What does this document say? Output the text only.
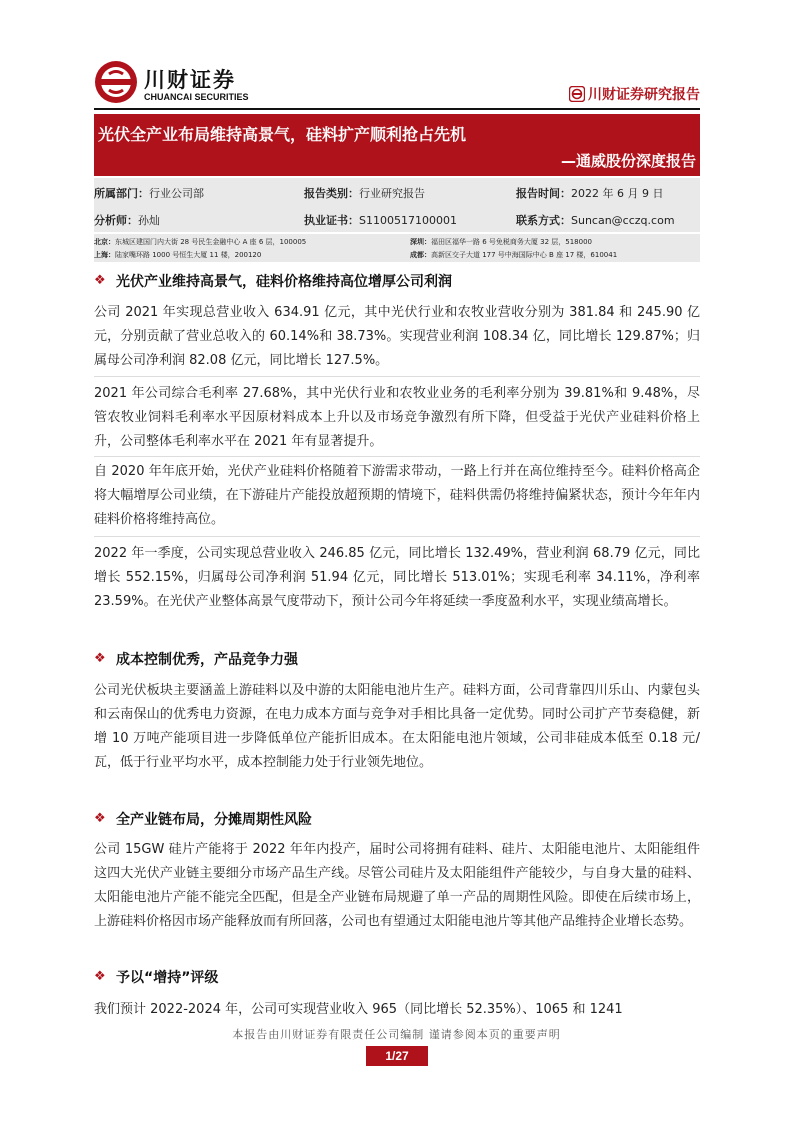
川财证券
CHUANCAI SECURITIES	川财证券研究报告
光伏全产业布局维持高景气，硅料扩产顺利抢占先机
—通威股份深度报告
所属部门：行业公司部	报告类别：行业研究报告	报告时间：2022 年 6 月 9 日
分析师：孙灿	执业证书：S1100517100001	联系方式：Suncan@cczq.com
北京：东城区建国门内大街 28 号民生金融中心 A 座 6 层，100005	深圳：福田区福华一路 6 号免税商务大厦 32 层，518000
上海：陆家嘴环路 1000 号恒生大厦 11 楼，200120	成都：高新区交子大道 177 号中海国际中心 B 座 17 楼，610041
❖ 光伏产业维持高景气，硅料价格维持高位增厚公司利润
公司 2021 年实现总营业收入 634.91 亿元，其中光伏行业和农牧业营收分别为 381.84 和 245.90 亿元，分别贡献了营业总收入的 60.14%和 38.73%。实现营业利润 108.34 亿，同比增长 129.87%；归属母公司净利润 82.08 亿元，同比增长 127.5%。
2021 年公司综合毛利率 27.68%，其中光伏行业和农牧业业务的毛利率分别为 39.81%和 9.48%，尽管农牧业饲料毛利率水平因原材料成本上升以及市场竞争激烈有所下降，但受益于光伏产业硅料价格上升，公司整体毛利率水平在 2021 年有显著提升。
自 2020 年年底开始，光伏产业硅料价格随着下游需求带动，一路上行并在高位维持至今。硅料价格高企将大幅增厚公司业绩，在下游硅片产能投放超预期的情境下，硅料供需仍将维持偏紧状态，预计今年年内硅料价格将维持高位。
2022 年一季度，公司实现总营业收入 246.85 亿元，同比增长 132.49%，营业利润 68.79 亿元，同比增长 552.15%，归属母公司净利润 51.94 亿元，同比增长 513.01%；实现毛利率 34.11%，净利率 23.59%。在光伏产业整体高景气度带动下，预计公司今年将延续一季度盈利水平，实现业绩高增长。
❖ 成本控制优秀，产品竞争力强
公司光伏板块主要涵盖上游硅料以及中游的太阳能电池片生产。硅料方面，公司背靠四川乐山、内蒙包头和云南保山的优秀电力资源，在电力成本方面与竞争对手相比具备一定优势。同时公司扩产节奏稳健，新增 10 万吨产能项目进一步降低单位产能折旧成本。在太阳能电池片领域，公司非硅成本低至 0.18 元/瓦，低于行业平均水平，成本控制能力处于行业领先地位。
❖ 全产业链布局，分摊周期性风险
公司 15GW 硅片产能将于 2022 年年内投产，届时公司将拥有硅料、硅片、太阳能电池片、太阳能组件这四大光伏产业链主要细分市场产品生产线。尽管公司硅片及太阳能组件产能较少，与自身大量的硅料、太阳能电池片产能不能完全匹配，但是全产业链布局规避了单一产品的周期性风险。即使在后续市场上，上游硅料价格因市场产能释放而有所回落，公司也有望通过太阳能电池片等其他产品维持企业增长态势。
❖ 予以“增持”评级
我们预计 2022-2024 年，公司可实现营业收入 965（同比增长 52.35%）、1065 和 1241
本报告由川财证券有限责任公司编制 谨请参阅本页的重要声明
1/27
